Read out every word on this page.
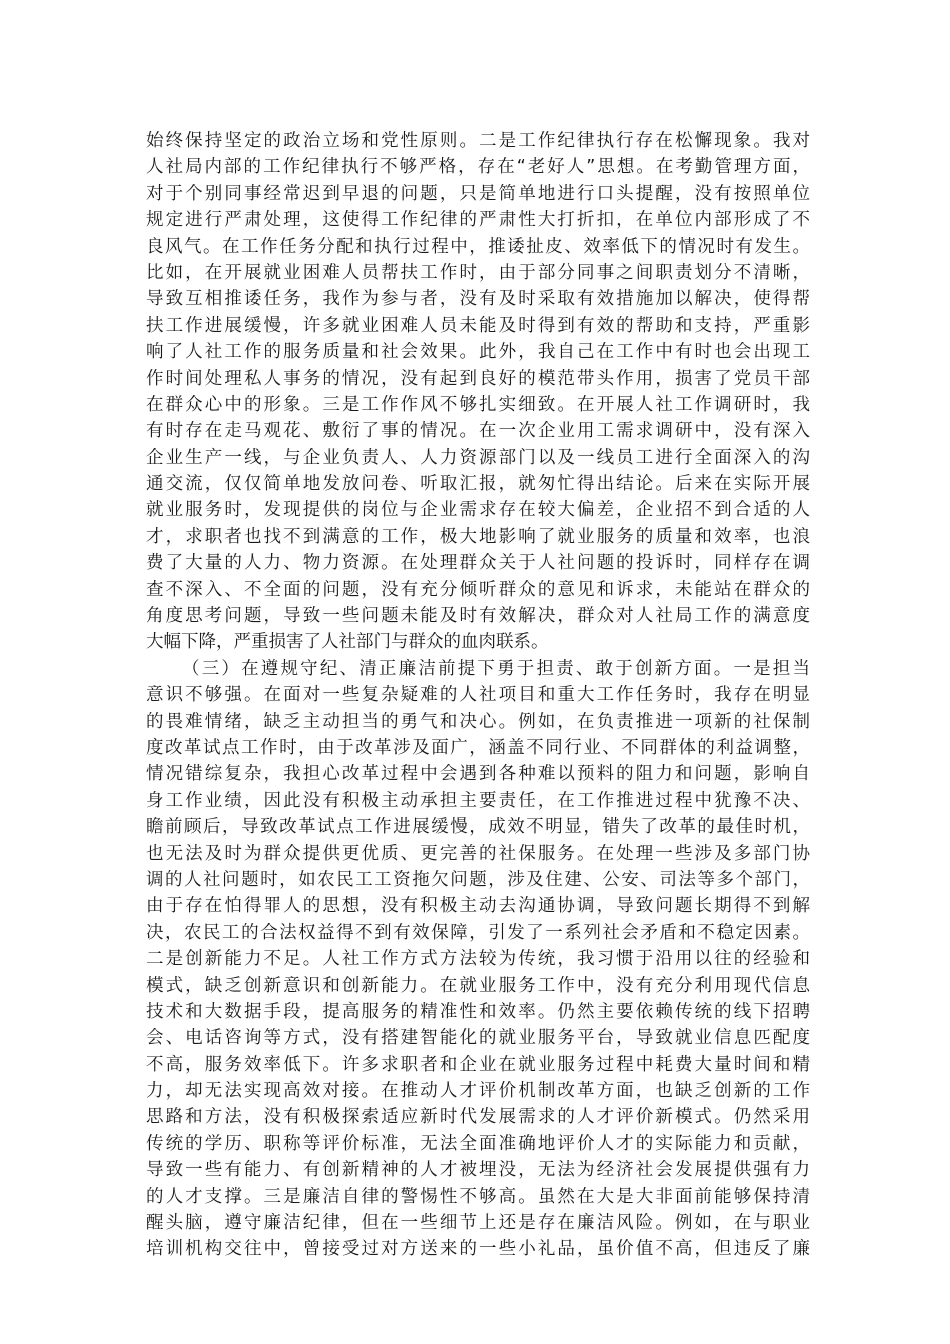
始终保持坚定的政治立场和党性原则。二是工作纪律执行存在松懈现象。我对
人社局内部的工作纪律执行不够严格，存在“老好人”思想。在考勤管理方面，
对于个别同事经常迟到早退的问题，只是简单地进行口头提醒，没有按照单位
规定进行严肃处理，这使得工作纪律的严肃性大打折扣，在单位内部形成了不
良风气。在工作任务分配和执行过程中，推诿扯皮、效率低下的情况时有发生。
比如，在开展就业困难人员帮扶工作时，由于部分同事之间职责划分不清晰，
导致互相推诿任务，我作为参与者，没有及时采取有效措施加以解决，使得帮
扶工作进展缓慢，许多就业困难人员未能及时得到有效的帮助和支持，严重影
响了人社工作的服务质量和社会效果。此外，我自己在工作中有时也会出现工
作时间处理私人事务的情况，没有起到良好的模范带头作用，损害了党员干部
在群众心中的形象。三是工作作风不够扎实细致。在开展人社工作调研时，我
有时存在走马观花、敷衍了事的情况。在一次企业用工需求调研中，没有深入
企业生产一线，与企业负责人、人力资源部门以及一线员工进行全面深入的沟
通交流，仅仅简单地发放问卷、听取汇报，就匆忙得出结论。后来在实际开展
就业服务时，发现提供的岗位与企业需求存在较大偏差，企业招不到合适的人
才，求职者也找不到满意的工作，极大地影响了就业服务的质量和效率，也浪
费了大量的人力、物力资源。在处理群众关于人社问题的投诉时，同样存在调
查不深入、不全面的问题，没有充分倾听群众的意见和诉求，未能站在群众的
角度思考问题，导致一些问题未能及时有效解决，群众对人社局工作的满意度
大幅下降，严重损害了人社部门与群众的血肉联系。
（三）在遵规守纪、清正廉洁前提下勇于担责、敢于创新方面。一是担当
意识不够强。在面对一些复杂疑难的人社项目和重大工作任务时，我存在明显
的畏难情绪，缺乏主动担当的勇气和决心。例如，在负责推进一项新的社保制
度改革试点工作时，由于改革涉及面广，涵盖不同行业、不同群体的利益调整，
情况错综复杂，我担心改革过程中会遇到各种难以预料的阻力和问题，影响自
身工作业绩，因此没有积极主动承担主要责任，在工作推进过程中犹豫不决、
瞻前顾后，导致改革试点工作进展缓慢，成效不明显，错失了改革的最佳时机，
也无法及时为群众提供更优质、更完善的社保服务。在处理一些涉及多部门协
调的人社问题时，如农民工工资拖欠问题，涉及住建、公安、司法等多个部门，
由于存在怕得罪人的思想，没有积极主动去沟通协调，导致问题长期得不到解
决，农民工的合法权益得不到有效保障，引发了一系列社会矛盾和不稳定因素。
二是创新能力不足。人社工作方式方法较为传统，我习惯于沿用以往的经验和
模式，缺乏创新意识和创新能力。在就业服务工作中，没有充分利用现代信息
技术和大数据手段，提高服务的精准性和效率。仍然主要依赖传统的线下招聘
会、电话咨询等方式，没有搭建智能化的就业服务平台，导致就业信息匹配度
不高，服务效率低下。许多求职者和企业在就业服务过程中耗费大量时间和精
力，却无法实现高效对接。在推动人才评价机制改革方面，也缺乏创新的工作
思路和方法，没有积极探索适应新时代发展需求的人才评价新模式。仍然采用
传统的学历、职称等评价标准，无法全面准确地评价人才的实际能力和贡献，
导致一些有能力、有创新精神的人才被埋没，无法为经济社会发展提供强有力
的人才支撑。三是廉洁自律的警惕性不够高。虽然在大是大非面前能够保持清
醒头脑，遵守廉洁纪律，但在一些细节上还是存在廉洁风险。例如，在与职业
培训机构交往中，曾接受过对方送来的一些小礼品，虽价值不高，但违反了廉
